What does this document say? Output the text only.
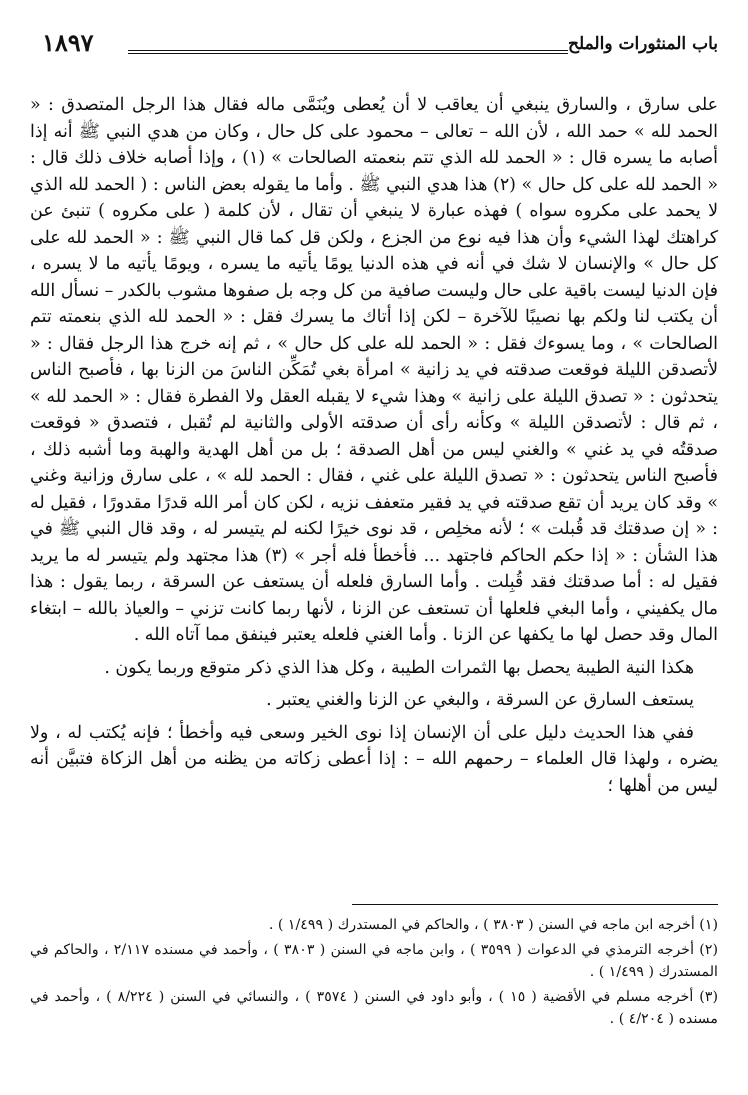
باب المنثورات والملح
١٨٩٧

على سارق ، والسارق ينبغي أن يعاقب لا أن يُعطى ويُنَمَّى ماله فقال هذا الرجل المتصدق : « الحمد لله » حمد الله ، لأن الله – تعالى – محمود على كل حال ، وكان من هدي النبي ﷺ أنه إذا أصابه ما يسره قال : « الحمد لله الذي تتم بنعمته الصالحات » (١) ، وإذا أصابه خلاف ذلك قال : « الحمد لله على كل حال » (٢) هذا هدي النبي ﷺ . وأما ما يقوله بعض الناس : ( الحمد لله الذي لا يحمد على مكروه سواه ) فهذه عبارة لا ينبغي أن تقال ، لأن كلمة ( على مكروه ) تنبئ عن كراهتك لهذا الشيء وأن هذا فيه نوع من الجزع ، ولكن قل كما قال النبي ﷺ : « الحمد لله على كل حال » والإنسان لا شك في أنه في هذه الدنيا يومًا يأتيه ما يسره ، ويومًا يأتيه ما لا يسره ، فإن الدنيا ليست باقية على حال وليست صافية من كل وجه بل صفوها مشوب بالكدر – نسأل الله أن يكتب لنا ولكم بها نصيبًا للآخرة – لكن إذا أتاك ما يسرك فقل : « الحمد لله الذي بنعمته تتم الصالحات » ، وما يسوءك فقل : « الحمد لله على كل حال » ، ثم إنه خرج هذا الرجل فقال : « لأتصدقن الليلة فوقعت صدقته في يد زانية » امرأة بغي تُمَكِّن الناسَ من الزنا بها ، فأصبح الناس يتحدثون : « تصدق الليلة على زانية » وهذا شيء لا يقبله العقل ولا الفطرة فقال : « الحمد لله » ، ثم قال : لأتصدقن الليلة » وكأنه رأى أن صدقته الأولى والثانية لم تُقبل ، فتصدق « فوقعت صدقتُه في يد غني » والغني ليس من أهل الصدقة ؛ بل من أهل الهدية والهبة وما أشبه ذلك ، فأصبح الناس يتحدثون : « تصدق الليلة على غني ، فقال : الحمد لله » ، على سارق وزانية وغني » وقد كان يريد أن تقع صدقته في يد فقير متعفف نزيه ، لكن كان أمر الله قدرًا مقدورًا ، فقيل له : « إن صدقتك قد قُبلت » ؛ لأنه مخلِص ، قد نوى خيرًا لكنه لم يتيسر له ، وقد قال النبي ﷺ في هذا الشأن : « إذا حكم الحاكم فاجتهد ... فأخطأ فله أجر » (٣) هذا مجتهد ولم يتيسر له ما يريد فقيل له : أما صدقتك فقد قُبِلت . وأما السارق فلعله أن يستعف عن السرقة ، ربما يقول : هذا مال يكفيني ، وأما البغي فلعلها أن تستعف عن الزنا ، لأنها ربما كانت تزني – والعياذ بالله – ابتغاء المال وقد حصل لها ما يكفها عن الزنا . وأما الغني فلعله يعتبر فينفق مما آتاه الله .

هكذا النية الطيبة يحصل بها الثمرات الطيبة ، وكل هذا الذي ذكر متوقع وربما يكون .

يستعف السارق عن السرقة ، والبغي عن الزنا والغني يعتبر .

ففي هذا الحديث دليل على أن الإنسان إذا نوى الخير وسعى فيه وأخطأ ؛ فإنه يُكتب له ، ولا يضره ، ولهذا قال العلماء – رحمهم الله – : إذا أعطى زكاته من يظنه من أهل الزكاة فتبيَّن أنه ليس من أهلها ؛

(١) أخرجه ابن ماجه في السنن ( ٣٨٠٣ ) ، والحاكم في المستدرك ( ١/٤٩٩ ) .

(٢) أخرجه الترمذي في الدعوات ( ٣٥٩٩ ) ، وابن ماجه في السنن ( ٣٨٠٣ ) ، وأحمد في مسنده ٢/١١٧ ، والحاكم في المستدرك ( ١/٤٩٩ ) .

(٣) أخرجه مسلم في الأقضية ( ١٥ ) ، وأبو داود في السنن ( ٣٥٧٤ ) ، والنسائي في السنن ( ٨/٢٢٤ ) ، وأحمد في مسنده ( ٤/٢٠٤ ) .
